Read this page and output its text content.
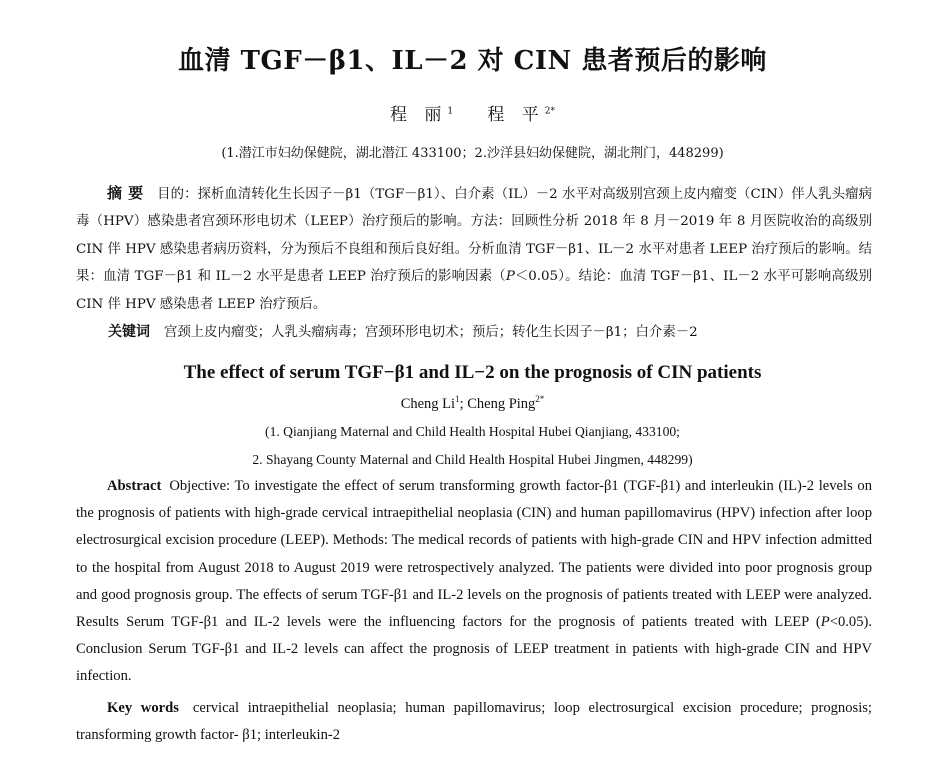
血清 TGF－β1、IL－2 对 CIN 患者预后的影响
程 丽$^1$ 程 平$^{2*}$
(1.潜江市妇幼保健院，湖北潜江 433100；2.沙洋县妇幼保健院，湖北荆门，448299)

摘要 目的：探析血清转化生长因子－β1（TGF－β1）、白介素（IL）－2 水平对高级别宫颈上皮内瘤变（CIN）伴人乳头瘤病毒（HPV）感染患者宫颈环形电切术（LEEP）治疗预后的影响。方法：回顾性分析 2018 年 8 月－2019 年 8 月医院收治的高级别 CIN 伴 HPV 感染患者病历资料，分为预后不良组和预后良好组。分析血清 TGF－β1、IL－2 水平对患者 LEEP 治疗预后的影响。结果：血清 TGF－β1 和 IL－2 水平是患者 LEEP 治疗预后的影响因素（P＜0.05）。结论：血清 TGF－β1、IL－2 水平可影响高级别 CIN 伴 HPV 感染患者 LEEP 治疗预后。

关键词 宫颈上皮内瘤变；人乳头瘤病毒；宫颈环形电切术；预后；转化生长因子－β1；白介素－2
The effect of serum TGF−β1 and IL−2 on the prognosis of CIN patients
Cheng Li$^1$; Cheng Ping$^{2*}$
(1. Qianjiang Maternal and Child Health Hospital Hubei Qianjiang, 433100;
2. Shayang County Maternal and Child Health Hospital Hubei Jingmen, 448299)

Abstract Objective: To investigate the effect of serum transforming growth factor-β1 (TGF-β1) and interleukin (IL)-2 levels on the prognosis of patients with high-grade cervical intraepithelial neoplasia (CIN) and human papillomavirus (HPV) infection after loop electrosurgical excision procedure (LEEP). Methods: The medical records of patients with high-grade CIN and HPV infection admitted to the hospital from August 2018 to August 2019 were retrospectively analyzed. The patients were divided into poor prognosis group and good prognosis group. The effects of serum TGF-β1 and IL-2 levels on the prognosis of patients treated with LEEP were analyzed. Results Serum TGF-β1 and IL-2 levels were the influencing factors for the prognosis of patients treated with LEEP (P<0.05). Conclusion Serum TGF-β1 and IL-2 levels can affect the prognosis of LEEP treatment in patients with high-grade CIN and HPV infection.

Key words cervical intraepithelial neoplasia; human papillomavirus; loop electrosurgical excision procedure; prognosis; transforming growth factor- β1; interleukin-2
